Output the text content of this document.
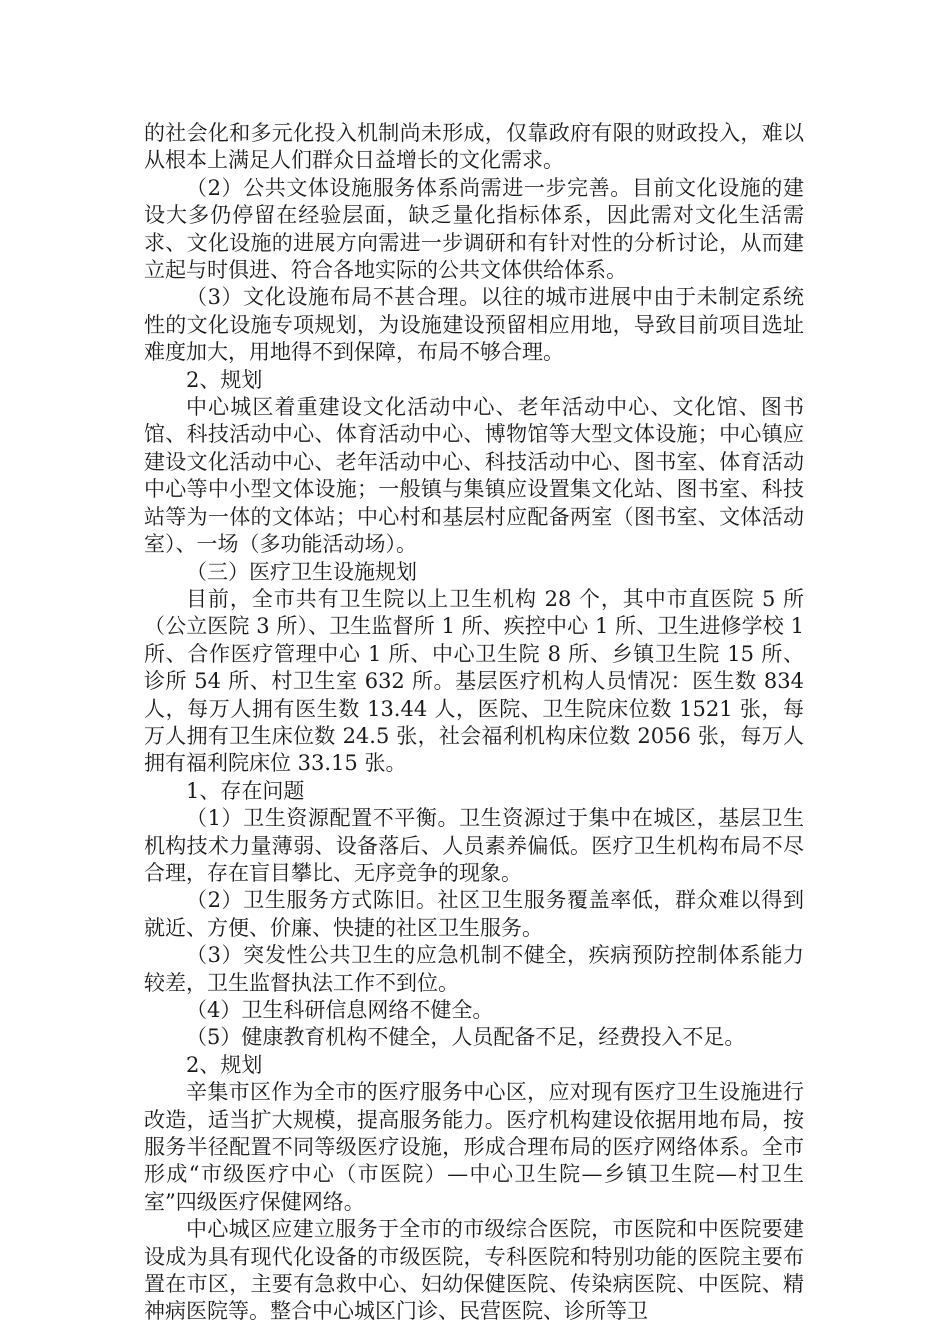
的社会化和多元化投入机制尚未形成，仅靠政府有限的财政投入，难以从根本上满足人们群众日益增长的文化需求。

（2）公共文体设施服务体系尚需进一步完善。目前文化设施的建设大多仍停留在经验层面，缺乏量化指标体系，因此需对文化生活需求、文化设施的进展方向需进一步调研和有针对性的分析讨论，从而建立起与时俱进、符合各地实际的公共文体供给体系。

（3）文化设施布局不甚合理。以往的城市进展中由于未制定系统性的文化设施专项规划，为设施建设预留相应用地，导致目前项目选址难度加大，用地得不到保障，布局不够合理。

2、规划

中心城区着重建设文化活动中心、老年活动中心、文化馆、图书馆、科技活动中心、体育活动中心、博物馆等大型文体设施；中心镇应建设文化活动中心、老年活动中心、科技活动中心、图书室、体育活动中心等中小型文体设施；一般镇与集镇应设置集文化站、图书室、科技站等为一体的文体站；中心村和基层村应配备两室（图书室、文体活动室）、一场（多功能活动场）。

（三）医疗卫生设施规划

目前，全市共有卫生院以上卫生机构 28 个，其中市直医院 5 所（公立医院 3 所）、卫生监督所 1 所、疾控中心 1 所、卫生进修学校 1 所、合作医疗管理中心 1 所、中心卫生院 8 所、乡镇卫生院 15 所、诊所 54 所、村卫生室 632 所。基层医疗机构人员情况：医生数 834 人，每万人拥有医生数 13.44 人，医院、卫生院床位数 1521 张，每万人拥有卫生床位数 24.5 张，社会福利机构床位数 2056 张，每万人拥有福利院床位 33.15 张。

1、存在问题

（1）卫生资源配置不平衡。卫生资源过于集中在城区，基层卫生机构技术力量薄弱、设备落后、人员素养偏低。医疗卫生机构布局不尽合理，存在盲目攀比、无序竞争的现象。

（2）卫生服务方式陈旧。社区卫生服务覆盖率低，群众难以得到就近、方便、价廉、快捷的社区卫生服务。

（3）突发性公共卫生的应急机制不健全，疾病预防控制体系能力较差，卫生监督执法工作不到位。

（4）卫生科研信息网络不健全。

（5）健康教育机构不健全，人员配备不足，经费投入不足。

2、规划

辛集市区作为全市的医疗服务中心区，应对现有医疗卫生设施进行改造，适当扩大规模，提高服务能力。医疗机构建设依据用地布局，按服务半径配置不同等级医疗设施，形成合理布局的医疗网络体系。全市形成“市级医疗中心（市医院）—中心卫生院—乡镇卫生院—村卫生室”四级医疗保健网络。

中心城区应建立服务于全市的市级综合医院，市医院和中医院要建设成为具有现代化设备的市级医院，专科医院和特别功能的医院主要布置在市区，主要有急救中心、妇幼保健医院、传染病医院、中医院、精神病医院等。整合中心城区门诊、民营医院、诊所等卫
